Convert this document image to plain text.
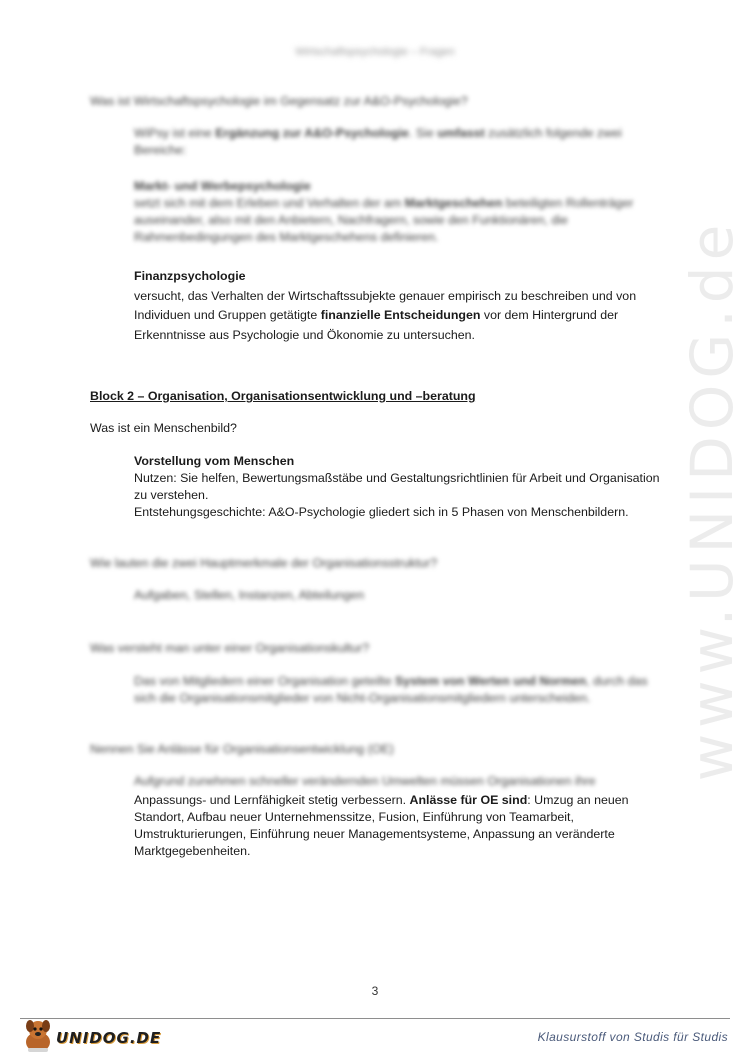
www.UNIDOG.de
Wirtschaftspsychologie – Fragen
Was ist Wirtschaftspsychologie im Gegensatz zur A&O-Psychologie?

WiPsy ist eine Ergänzung zur A&O-Psychologie. Sie umfasst zusätzlich folgende zwei Bereiche:

Markt- und Werbepsychologie
setzt sich mit dem Erleben und Verhalten der am Marktgeschehen beteiligten Rollenträger auseinander, also mit den Anbietern, Nachfragern, sowie den Funktionären, die Rahmenbedingungen des Marktgeschehens definieren.
Finanzpsychologie
versucht, das Verhalten der Wirtschaftssubjekte genauer empirisch zu beschreiben und von Individuen und Gruppen getätigte finanzielle Entscheidungen vor dem Hintergrund der Erkenntnisse aus Psychologie und Ökonomie zu untersuchen.
Block 2 – Organisation, Organisationsentwicklung und –beratung
Was ist ein Menschenbild?
Vorstellung vom Menschen
Nutzen: Sie helfen, Bewertungsmaßstäbe und Gestaltungsrichtlinien für Arbeit und Organisation zu verstehen.
Entstehungsgeschichte: A&O-Psychologie gliedert sich in 5 Phasen von Menschenbildern.
Wie lauten die zwei Hauptmerkmale der Organisationsstruktur?
Aufgaben, Stellen, Instanzen, Abteilungen
Was versteht man unter einer Organisationskultur?

Das von Mitgliedern einer Organisation geteilte System von Werten und Normen, durch das sich die Organisationsmitglieder von Nicht-Organisationsmitgliedern unterscheiden.

Nennen Sie Anlässe für Organisationsentwicklung (OE)
Aufgrund zunehmen schneller verändernden Umwelten müssen Organisationen ihre

Anpassungs- und Lernfähigkeit stetig verbessern. Anlässe für OE sind: Umzug an neuen Standort, Aufbau neuer Unternehmenssitze, Fusion, Einführung von Teamarbeit, Umstrukturierungen, Einführung neuer Managementsysteme, Anpassung an veränderte Marktgegebenheiten.

3
UNIDOG.DE	Klausurstoff von Studis für Studis
